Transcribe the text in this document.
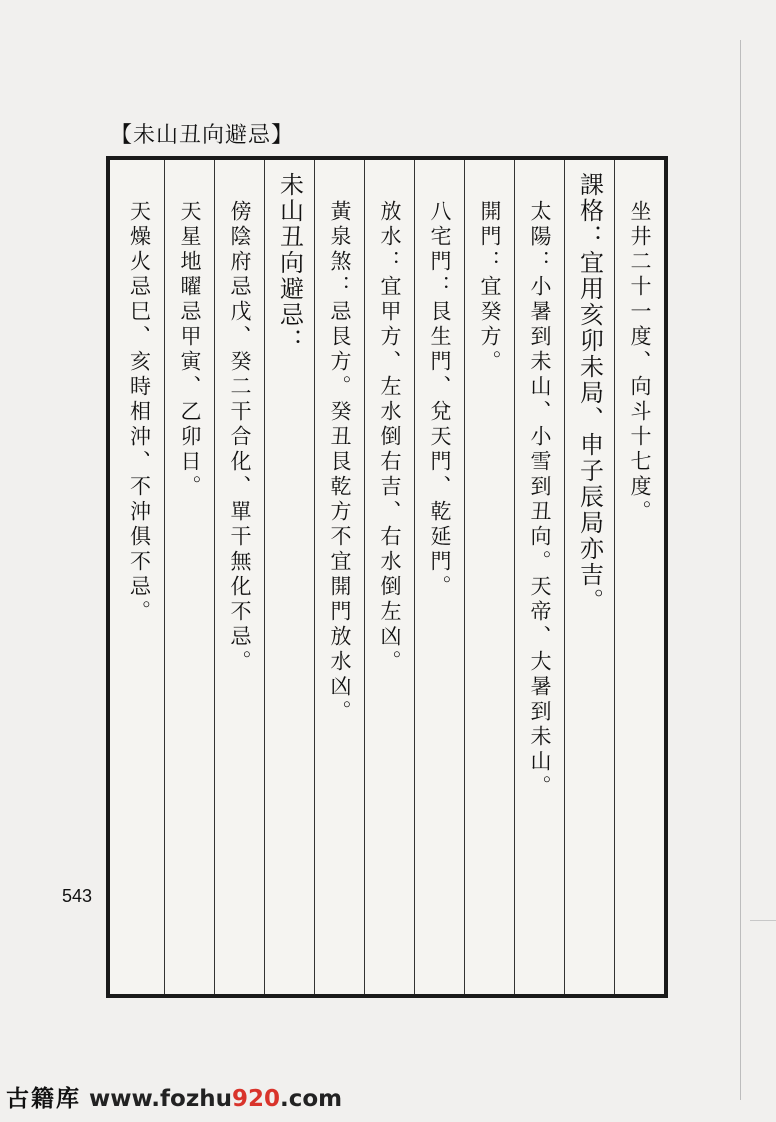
【未山丑向避忌】
坐井二十一度、向斗十七度。
課格：宜用亥卯未局、申子辰局亦吉。
太陽：小暑到未山、小雪到丑向。天帝、大暑到未山。
開門：宜癸方。
八宅門：艮生門、兌天門、乾延門。
放水：宜甲方、左水倒右吉、右水倒左凶。
黃泉煞：忌艮方。癸丑艮乾方不宜開門放水凶。
未山丑向避忌：
傍陰府忌戊、癸二干合化、單干無化不忌。
天星地曜忌甲寅、乙卯日。
天燥火忌巳、亥時相沖、不沖俱不忌。
543
古籍库 www.fozhu920.com
